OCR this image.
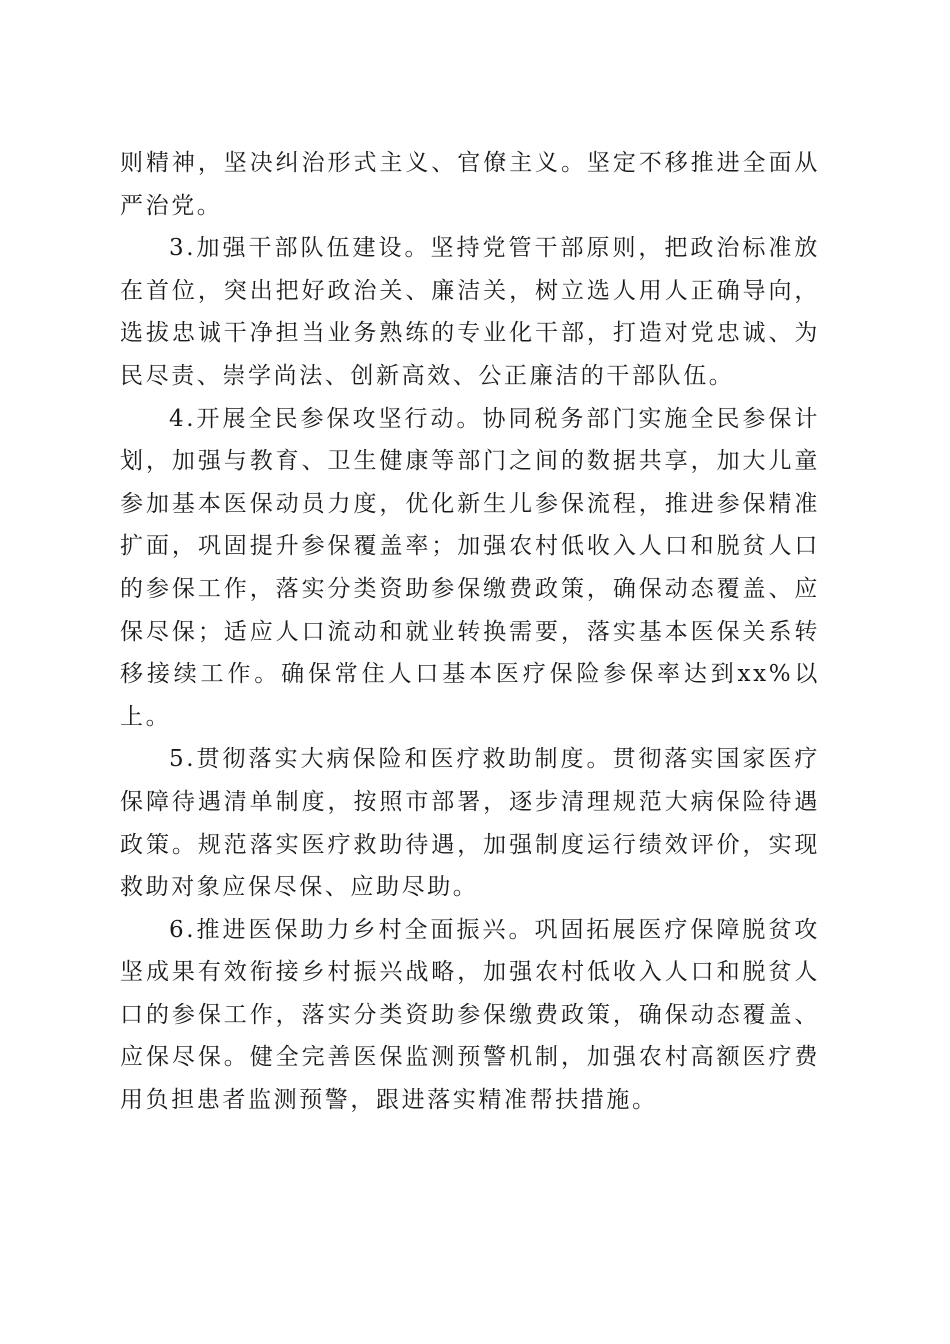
则精神，坚决纠治形式主义、官僚主义。坚定不移推进全面从严治党。

3.加强干部队伍建设。坚持党管干部原则，把政治标准放在首位，突出把好政治关、廉洁关，树立选人用人正确导向，选拔忠诚干净担当业务熟练的专业化干部，打造对党忠诚、为民尽责、崇学尚法、创新高效、公正廉洁的干部队伍。

4.开展全民参保攻坚行动。协同税务部门实施全民参保计划，加强与教育、卫生健康等部门之间的数据共享，加大儿童参加基本医保动员力度，优化新生儿参保流程，推进参保精准扩面，巩固提升参保覆盖率；加强农村低收入人口和脱贫人口的参保工作，落实分类资助参保缴费政策，确保动态覆盖、应保尽保；适应人口流动和就业转换需要，落实基本医保关系转移接续工作。确保常住人口基本医疗保险参保率达到xx%以上。

5.贯彻落实大病保险和医疗救助制度。贯彻落实国家医疗保障待遇清单制度，按照市部署，逐步清理规范大病保险待遇政策。规范落实医疗救助待遇，加强制度运行绩效评价，实现救助对象应保尽保、应助尽助。

6.推进医保助力乡村全面振兴。巩固拓展医疗保障脱贫攻坚成果有效衔接乡村振兴战略，加强农村低收入人口和脱贫人口的参保工作，落实分类资助参保缴费政策，确保动态覆盖、应保尽保。健全完善医保监测预警机制，加强农村高额医疗费用负担患者监测预警，跟进落实精准帮扶措施。
